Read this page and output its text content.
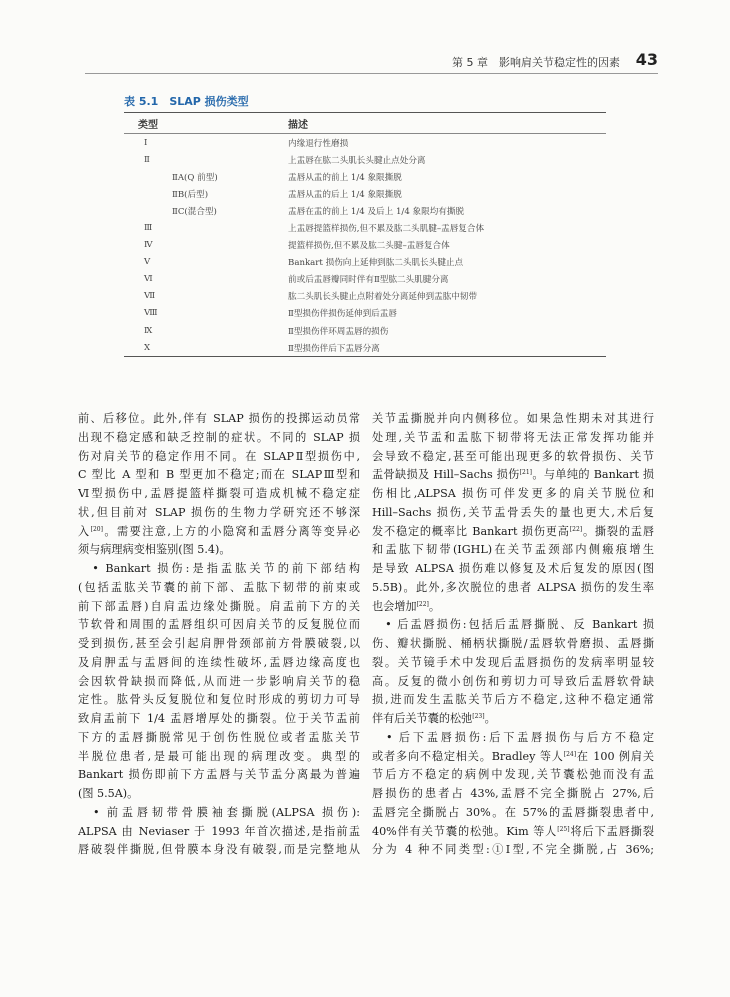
第 5 章　影响肩关节稳定性的因素 43
表 5.1　SLAP 损伤类型
类型	描述
Ⅰ	内缘退行性磨损
Ⅱ	上盂唇在肱二头肌长头腱止点处分离
ⅡA(Q 前型)	盂唇从盂的前上 1/4 象限撕脱
ⅡB(后型)	盂唇从盂的后上 1/4 象限撕脱
ⅡC(混合型)	盂唇在盂的前上 1/4 及后上 1/4 象限均有撕脱
Ⅲ	上盂唇提篮样损伤,但不累及肱二头肌腱–盂唇复合体
Ⅳ	提篮样损伤,但不累及肱二头腱–盂唇复合体
Ⅴ	Bankart 损伤向上延伸到肱二头肌长头腱止点
Ⅵ	前或后盂唇瓣同时伴有Ⅱ型肱二头肌腱分离
Ⅶ	肱二头肌长头腱止点附着处分离延伸到盂肱中韧带
Ⅷ	Ⅱ型损伤伴损伤延伸到后盂唇
Ⅸ	Ⅱ型损伤伴环周盂唇的损伤
Ⅹ	Ⅱ型损伤伴后下盂唇分离

前、后移位。此外,伴有 SLAP 损伤的投掷运动员常

出现不稳定感和缺乏控制的症状。不同的 SLAP 损

伤对肩关节的稳定作用不同。在 SLAPⅡ型损伤中,

C 型比 A 型和 B 型更加不稳定;而在 SLAPⅢ型和

Ⅵ型损伤中,盂唇提篮样撕裂可造成机械不稳定症

状,但目前对 SLAP 损伤的生物力学研究还不够深

入[20]。需要注意,上方的小隐窝和盂唇分离等变异必

须与病理病变相鉴别(图 5.4)。

　• Bankart 损伤:是指盂肱关节的前下部结构

(包括盂肱关节囊的前下部、盂肱下韧带的前束或

前下部盂唇)自肩盂边缘处撕脱。肩盂前下方的关

节软骨和周围的盂唇组织可因肩关节的反复脱位而

受到损伤,甚至会引起肩胛骨颈部前方骨膜破裂,以

及肩胛盂与盂唇间的连续性破坏,盂唇边缘高度也

会因软骨缺损而降低,从而进一步影响肩关节的稳

定性。肱骨头反复脱位和复位时形成的剪切力可导

致肩盂前下 1/4 盂唇增厚处的撕裂。位于关节盂前

下方的盂唇撕脱常见于创伤性脱位或者盂肱关节

半脱位患者,是最可能出现的病理改变。典型的

Bankart 损伤即前下方盂唇与关节盂分离最为普遍

(图 5.5A)。

　• 前盂唇韧带骨膜袖套撕脱(ALPSA 损伤):

ALPSA 由 Neviaser 于 1993 年首次描述,是指前盂

唇破裂伴撕脱,但骨膜本身没有破裂,而是完整地从

关节盂撕脱并向内侧移位。如果急性期未对其进行

处理,关节盂和盂肱下韧带将无法正常发挥功能并

会导致不稳定,甚至可能出现更多的软骨损伤、关节

盂骨缺损及 Hill–Sachs 损伤[21]。与单纯的 Bankart 损

伤相比,ALPSA 损伤可伴发更多的肩关节脱位和

Hill–Sachs 损伤,关节盂骨丢失的量也更大,术后复

发不稳定的概率比 Bankart 损伤更高[22]。撕裂的盂唇

和盂肱下韧带(IGHL)在关节盂颈部内侧瘢痕增生

是导致 ALPSA 损伤难以修复及术后复发的原因(图

5.5B)。此外,多次脱位的患者 ALPSA 损伤的发生率

也会增加[22]。

　• 后盂唇损伤:包括后盂唇撕脱、反 Bankart 损

伤、瓣状撕脱、桶柄状撕脱/盂唇软骨磨损、盂唇撕

裂。关节镜手术中发现后盂唇损伤的发病率明显较

高。反复的微小创伤和剪切力可导致后盂唇软骨缺

损,进而发生盂肱关节后方不稳定,这种不稳定通常

伴有后关节囊的松弛[23]。

　• 后下盂唇损伤:后下盂唇损伤与后方不稳定

或者多向不稳定相关。Bradley 等人[24]在 100 例肩关

节后方不稳定的病例中发现,关节囊松弛而没有盂

唇损伤的患者占 43%,盂唇不完全撕脱占 27%,后

盂唇完全撕脱占 30%。在 57%的盂唇撕裂患者中,

40%伴有关节囊的松弛。Kim 等人[25]将后下盂唇撕裂

分为 4 种不同类型:①Ⅰ型,不完全撕脱,占 36%;
